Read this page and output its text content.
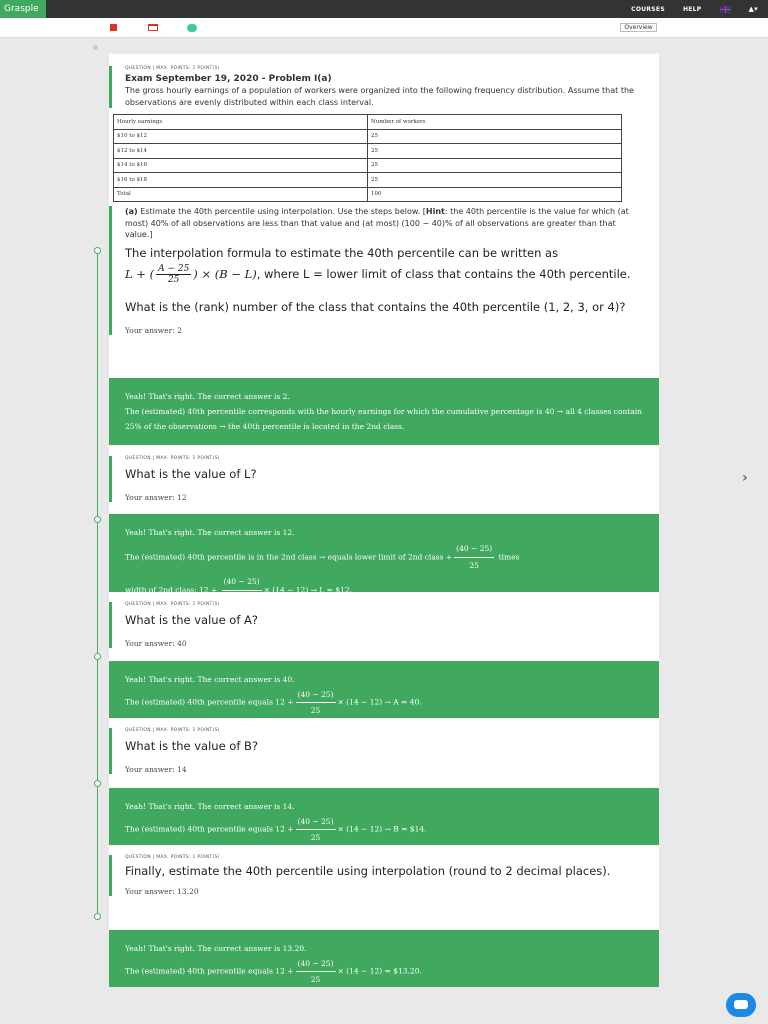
Grasple	COURSES	HELP	▲▾
Overview
QUESTION | MAX. POINTS: 1 POINT(S)
Exam September 19, 2020 - Problem I(a)
The gross hourly earnings of a population of workers were organized into the following frequency distribution. Assume that the observations are evenly distributed within each class interval.
Hourly earnings	Number of workers
$10 to $12	25
$12 to $14	25
$14 to $16	25
$16 to $18	25
Total	100
(a) Estimate the 40th percentile using interpolation. Use the steps below. [Hint: the 40th percentile is the value for which (at most) 40% of all observations are less than that value and (at most) (100 − 40)% of all observations are greater than that value.]
The interpolation formula to estimate the 40th percentile can be written as
L + ( $\frac{A - 25}{25}$ ) × (B − L), where L = lower limit of class that contains the 40th percentile.
What is the (rank) number of the class that contains the 40th percentile (1, 2, 3, or 4)?
Your answer: 2
Yeah! That's right. The correct answer is 2.
The (estimated) 40th percentile corresponds with the hourly earnings for which the cumulative percentage is 40 → all 4 classes contain 25% of the observations → the 40th percentile is located in the 2nd class.
QUESTION | MAX. POINTS: 1 POINT(S)
What is the value of L?
Your answer: 12
Yeah! That's right. The correct answer is 12.
The (estimated) 40th percentile is in the 2nd class → equals lower limit of 2nd class + $\frac{(40 - 25)}{25}$ times
width of 2nd class: $12 + \frac{(40 - 25)}{25} \times (14 - 12) \to L$ = $12.
QUESTION | MAX. POINTS: 1 POINT(S)
What is the value of A?
Your answer: 40
Yeah! That's right. The correct answer is 40.
The (estimated) 40th percentile equals $12 + \frac{(40 - 25)}{25} \times (14 - 12) \to A = 40$.
QUESTION | MAX. POINTS: 1 POINT(S)
What is the value of B?
Your answer: 14
Yeah! That's right. The correct answer is 14.
The (estimated) 40th percentile equals $12 + \frac{(40 - 25)}{25} \times (14 - 12) \to B$ = $14.
QUESTION | MAX. POINTS: 1 POINT(S)
Finally, estimate the 40th percentile using interpolation (round to 2 decimal places).
Your answer: 13.20
Yeah! That's right. The correct answer is 13.20.
The (estimated) 40th percentile equals $12 + \frac{(40 - 25)}{25} \times (14 - 12)$ = $13.20.
›
